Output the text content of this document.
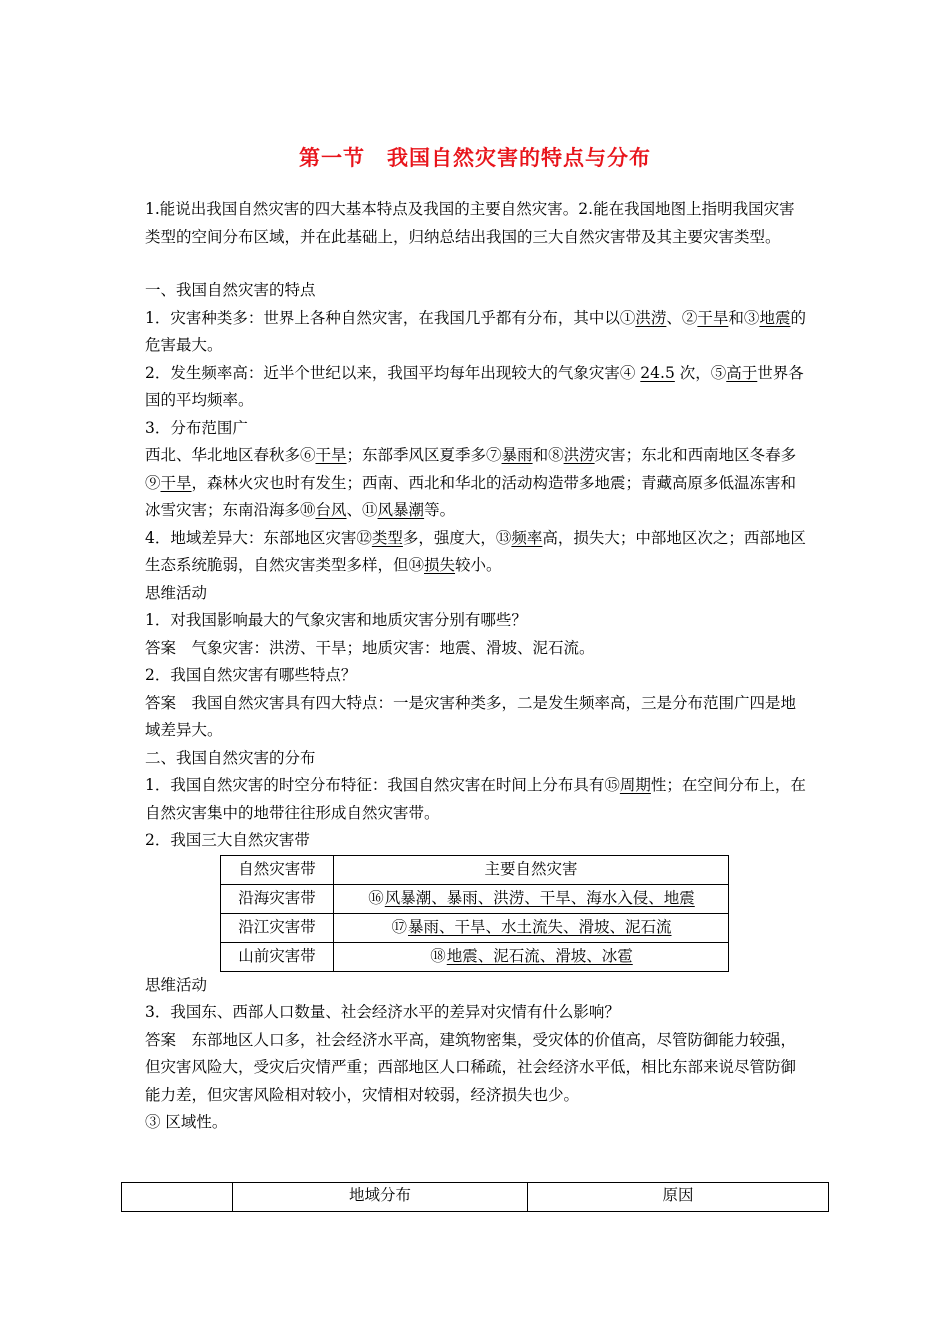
第一节　我国自然灾害的特点与分布

1.能说出我国自然灾害的四大基本特点及我国的主要自然灾害。2.能在我国地图上指明我国灾害类型的空间分布区域，并在此基础上，归纳总结出我国的三大自然灾害带及其主要灾害类型。

一、我国自然灾害的特点

1．灾害种类多：世界上各种自然灾害，在我国几乎都有分布，其中以①洪涝、②干旱和③地震的危害最大。

2．发生频率高：近半个世纪以来，我国平均每年出现较大的气象灾害④ 24.5 次，⑤高于世界各国的平均频率。

3．分布范围广

西北、华北地区春秋多⑥干旱；东部季风区夏季多⑦暴雨和⑧洪涝灾害；东北和西南地区冬春多⑨干旱，森林火灾也时有发生；西南、西北和华北的活动构造带多地震；青藏高原多低温冻害和冰雪灾害；东南沿海多⑩台风、⑪风暴潮等。

4．地域差异大：东部地区灾害⑫类型多，强度大，⑬频率高，损失大；中部地区次之；西部地区生态系统脆弱，自然灾害类型多样，但⑭损失较小。

思维活动

1．对我国影响最大的气象灾害和地质灾害分别有哪些？

答案　气象灾害：洪涝、干旱；地质灾害：地震、滑坡、泥石流。

2．我国自然灾害有哪些特点？

答案　我国自然灾害具有四大特点：一是灾害种类多，二是发生频率高，三是分布范围广四是地域差异大。

二、我国自然灾害的分布

1．我国自然灾害的时空分布特征：我国自然灾害在时间上分布具有⑮周期性；在空间分布上，在自然灾害集中的地带往往形成自然灾害带。

2．我国三大自然灾害带

自然灾害带	主要自然灾害
沿海灾害带	⑯风暴潮、暴雨、洪涝、干旱、海水入侵、地震
沿江灾害带	⑰暴雨、干旱、水土流失、滑坡、泥石流
山前灾害带	⑱地震、泥石流、滑坡、冰雹

思维活动

3．我国东、西部人口数量、社会经济水平的差异对灾情有什么影响？

答案　东部地区人口多，社会经济水平高，建筑物密集，受灾体的价值高，尽管防御能力较强，但灾害风险大，受灾后灾情严重；西部地区人口稀疏，社会经济水平低，相比东部来说尽管防御能力差，但灾害风险相对较小，灾情相对较弱，经济损失也少。

③ 区域性。

	地域分布	原因
